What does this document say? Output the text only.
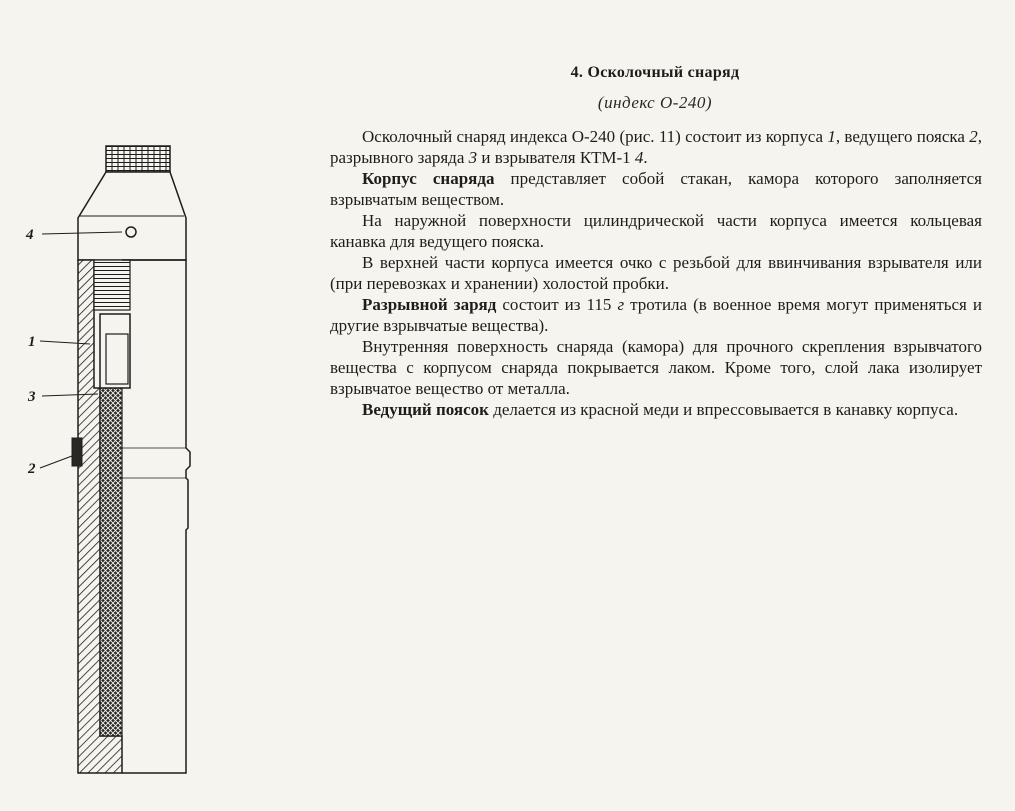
4. Осколочный снаряд
(индекс О-240)

Осколочный снаряд индекса О-240 (рис. 11) состоит из корпуса 1, ведущего пояска 2, разрывного заряда 3 и взрывателя КТМ-1 4.

Корпус снаряда представляет собой стакан, камора которого заполняется взрывчатым веществом.

На наружной поверхности цилиндрической части корпуса имеется кольцевая канавка для ведущего пояска.

В верхней части корпуса имеется очко с резьбой для ввинчивания взрывателя или (при перевозках и хранении) холостой пробки.

Разрывной заряд состоит из 115 г тротила (в военное время могут применяться и другие взрывчатые вещества).

Внутренняя поверхность снаряда (камора) для прочного скрепления взрывчатого вещества с корпусом снаряда покрывается лаком. Кроме того, слой лака изолирует взрывчатое вещество от металла.

Ведущий поясок делается из красной меди и впрессовывается в канавку корпуса.

4
1
3
2
